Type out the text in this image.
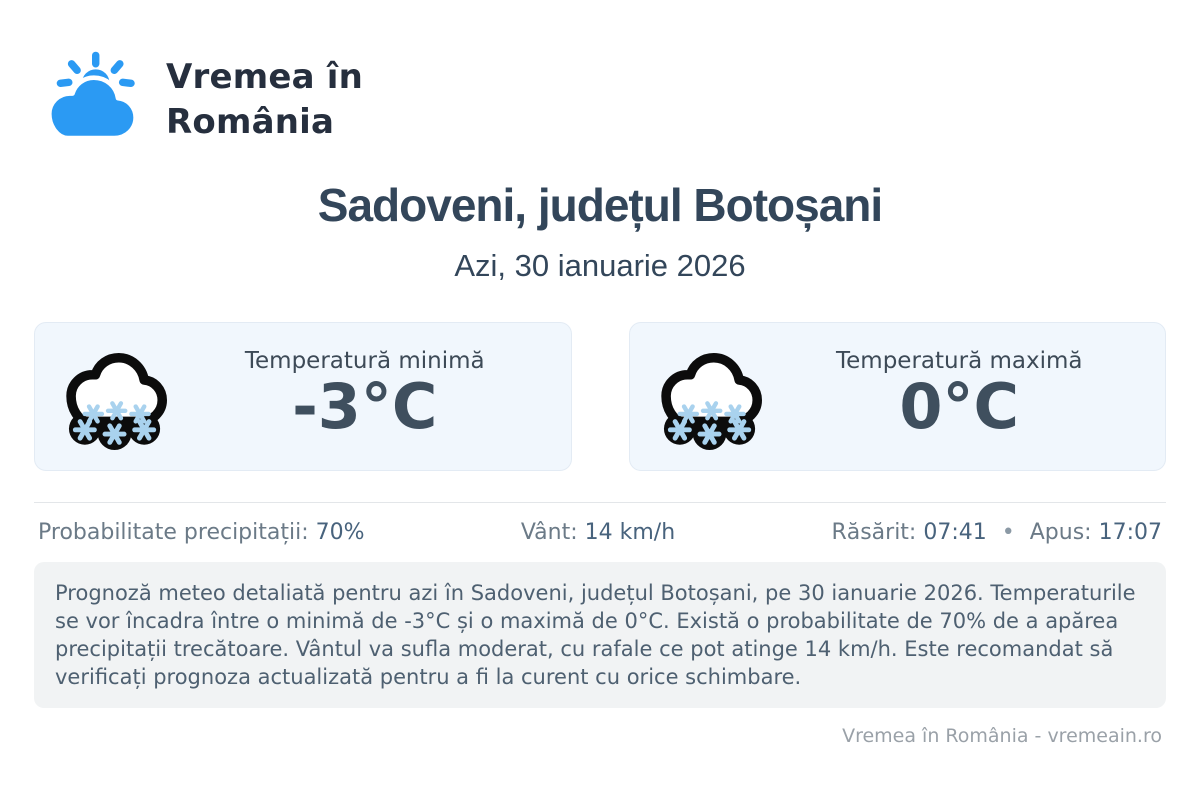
Vremea în
România
Sadoveni, județul Botoșani
Azi, 30 ianuarie 2026
Temperatură minimă
-3°C
Temperatură maximă
0°C
Probabilitate precipitații: 70%	Vânt: 14 km/h	Răsărit: 07:41 • Apus: 17:07
Prognoză meteo detaliată pentru azi în Sadoveni, județul Botoșani, pe 30 ianuarie 2026. Temperaturile se vor încadra între o minimă de -3°C și o maximă de 0°C. Există o probabilitate de 70% de a apărea precipitații trecătoare. Vântul va sufla moderat, cu rafale ce pot atinge 14 km/h. Este recomandat să verificați prognoza actualizată pentru a fi la curent cu orice schimbare.
Vremea în România - vremeain.ro
